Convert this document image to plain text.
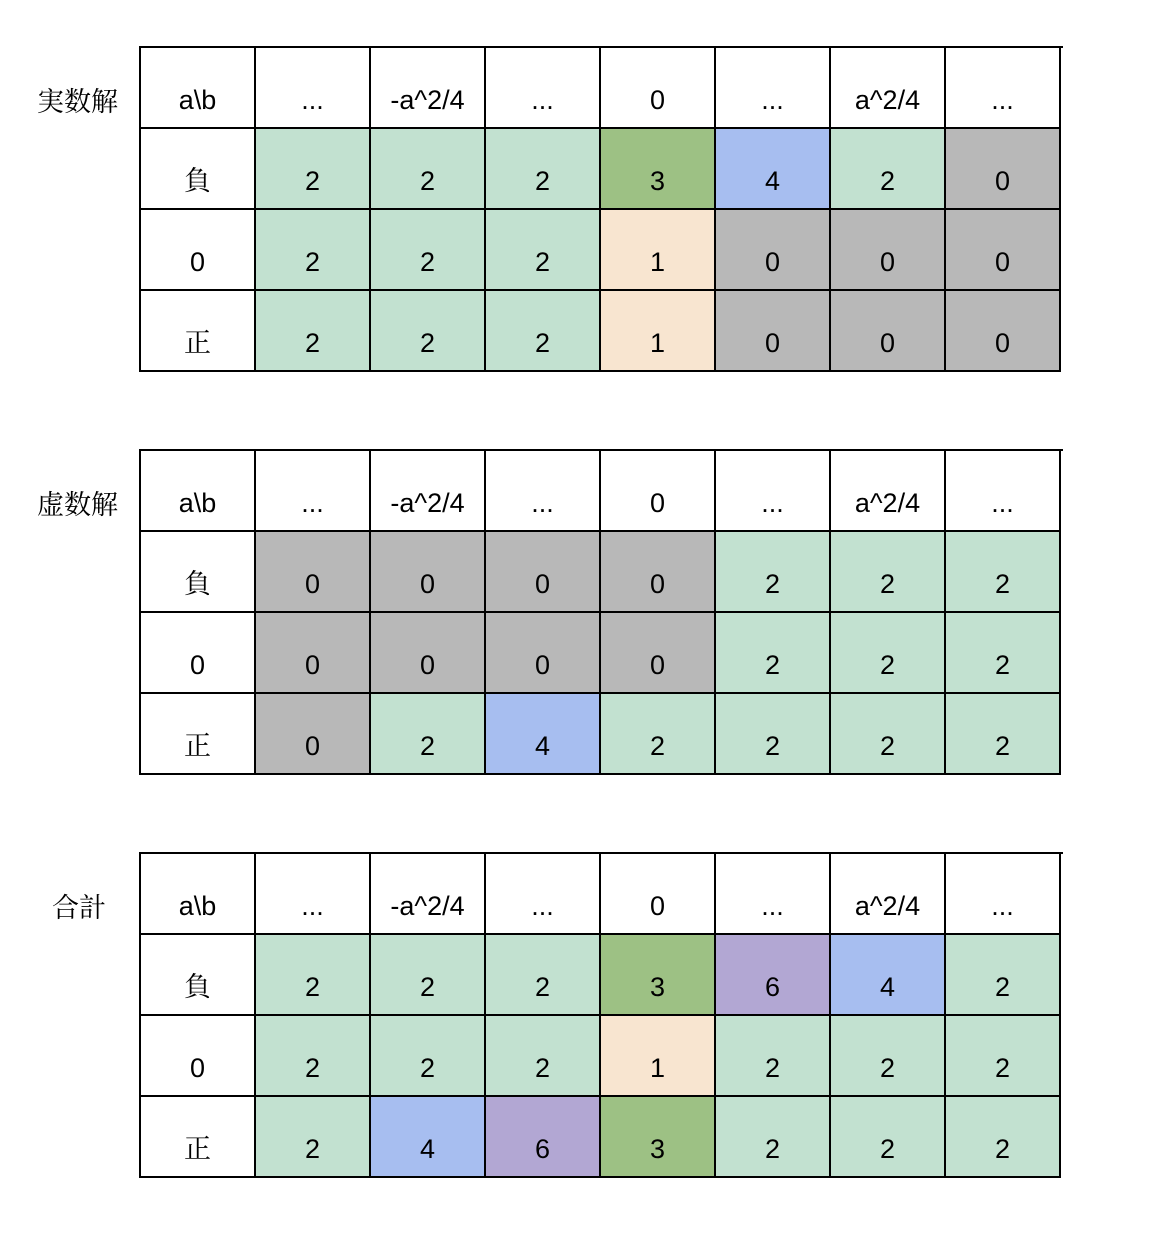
実数解	a\b	...	-a^2/4	...	0	...	a^2/4	...
負	2	2	2	3	4	2	0
0	2	2	2	1	0	0	0
正	2	2	2	1	0	0	0
虚数解	a\b	...	-a^2/4	...	0	...	a^2/4	...
負	0	0	0	0	2	2	2
0	0	0	0	0	2	2	2
正	0	2	4	2	2	2	2
合計	a\b	...	-a^2/4	...	0	...	a^2/4	...
負	2	2	2	3	6	4	2
0	2	2	2	1	2	2	2
正	2	4	6	3	2	2	2
